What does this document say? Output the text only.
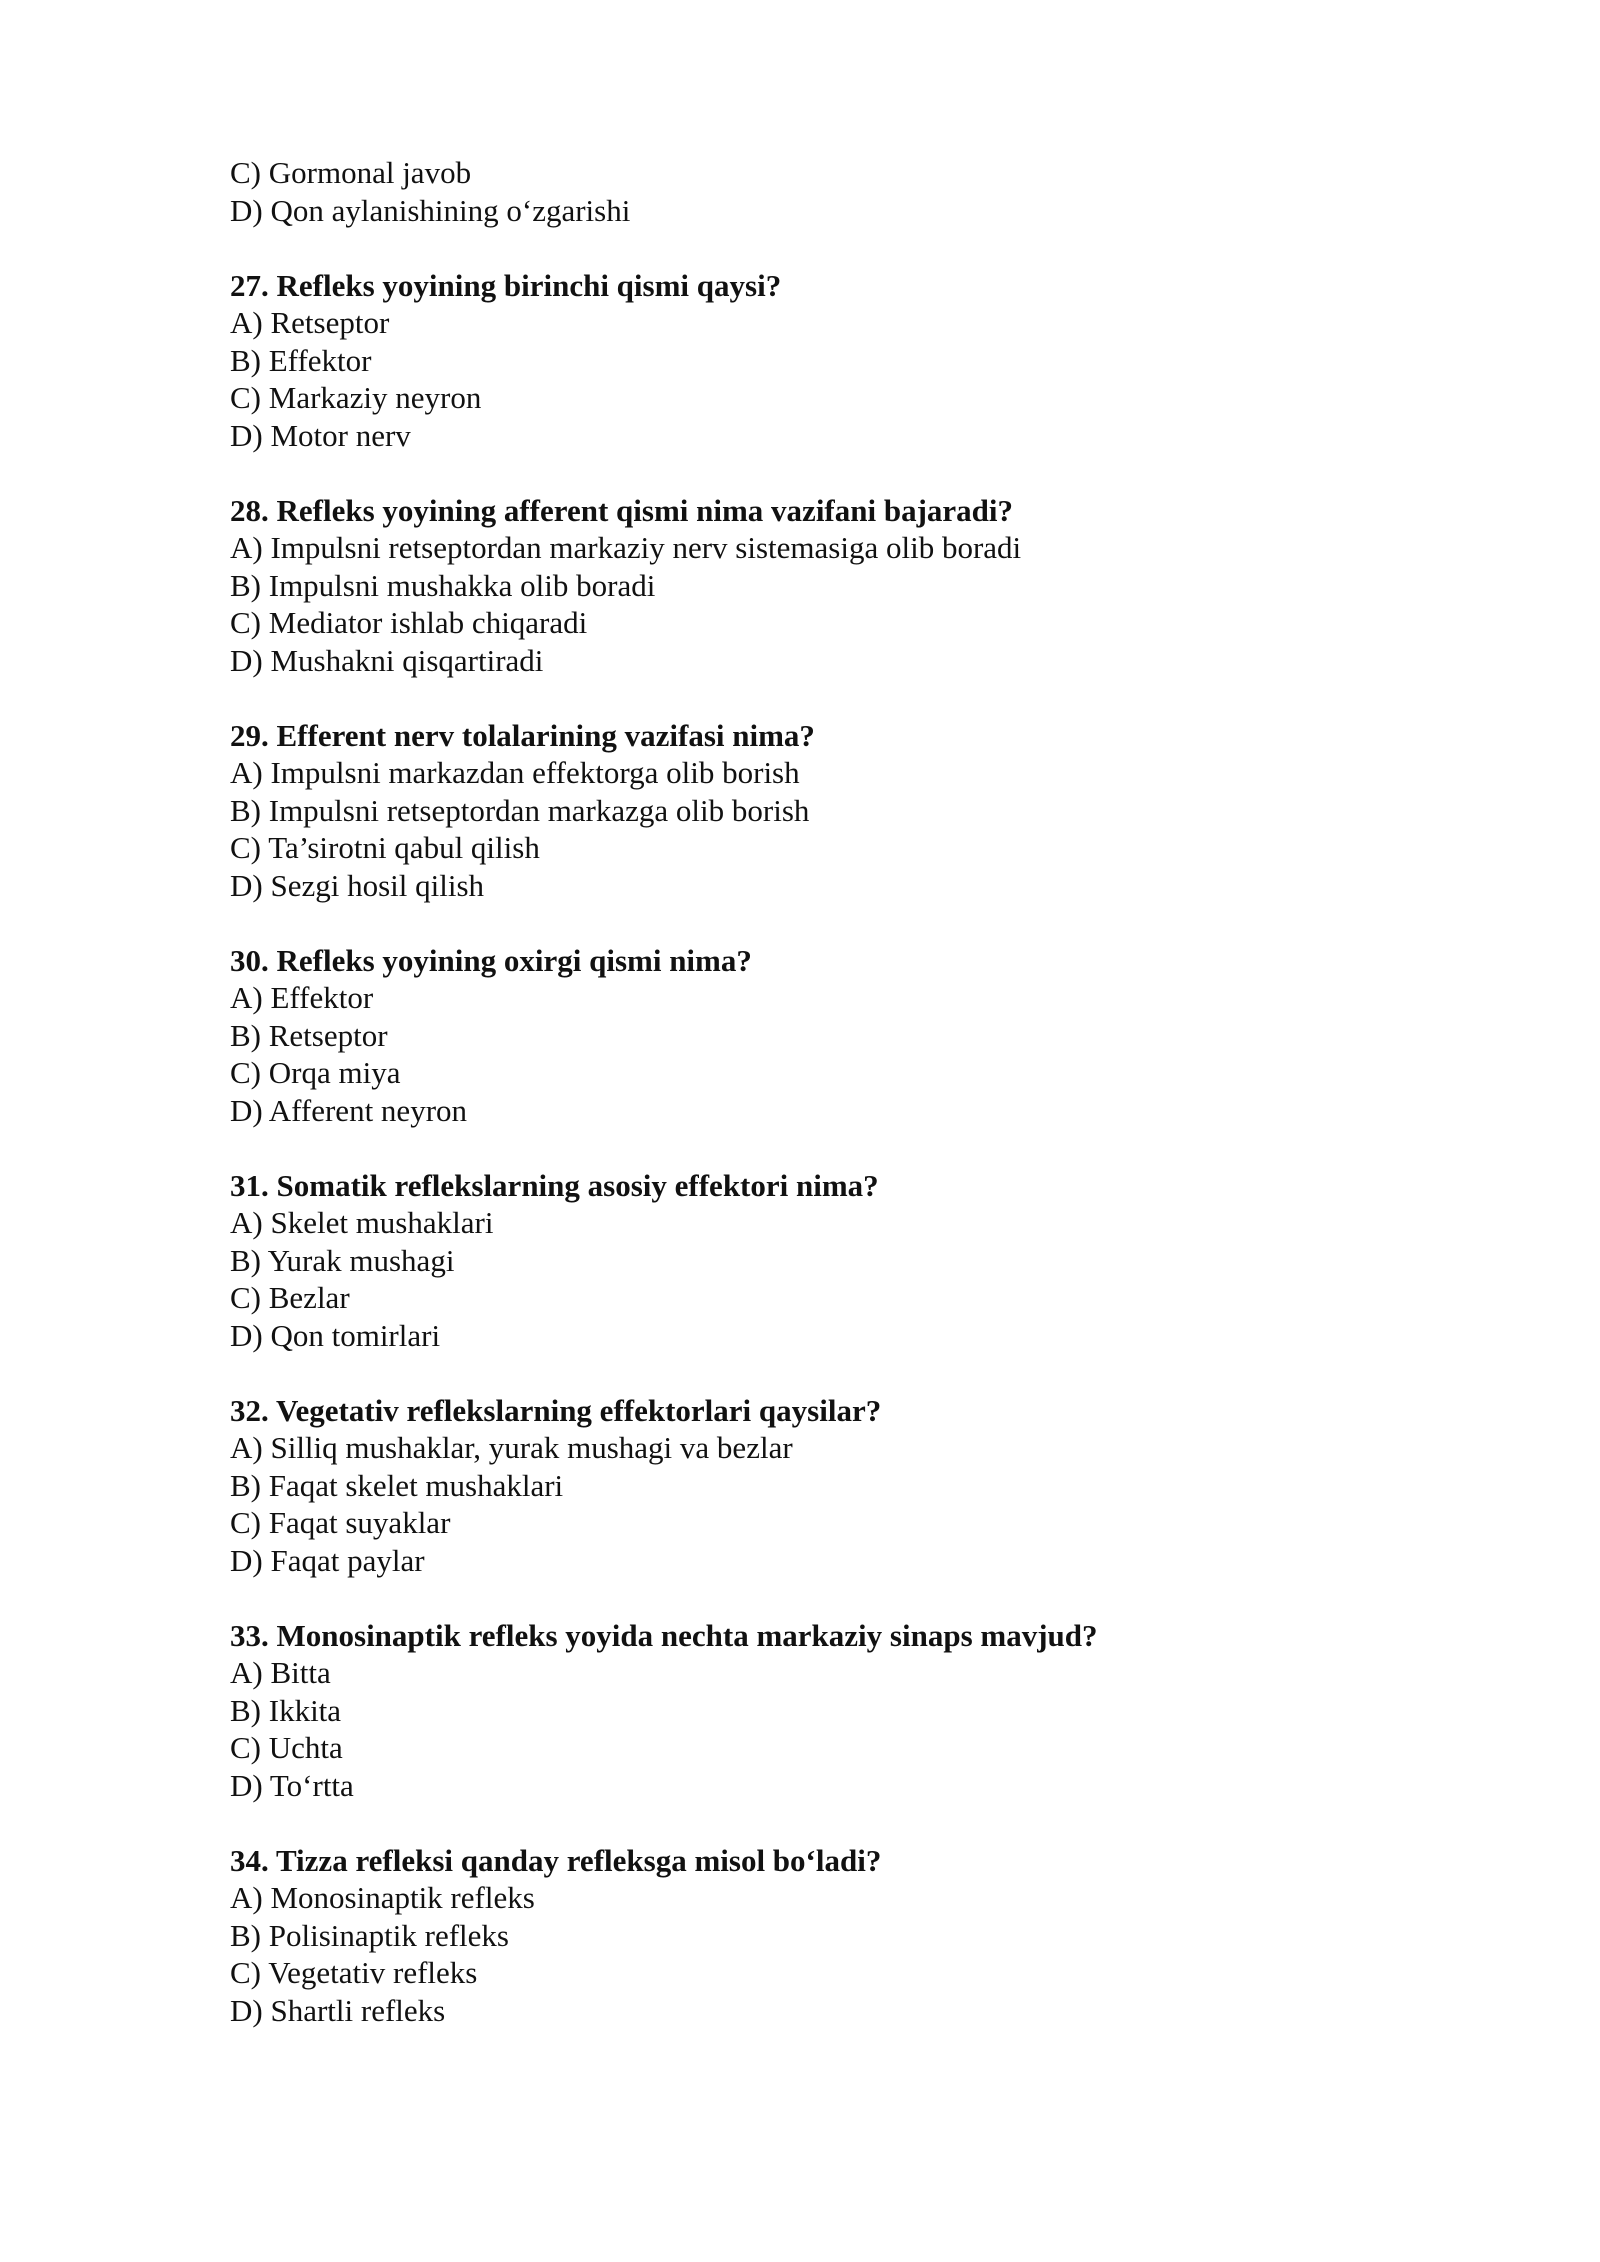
C) Gormonal javob
D) Qon aylanishining o‘zgarishi
27. Refleks yoyining birinchi qismi qaysi?
A) Retseptor
B) Effektor
C) Markaziy neyron
D) Motor nerv
28. Refleks yoyining afferent qismi nima vazifani bajaradi?
A) Impulsni retseptordan markaziy nerv sistemasiga olib boradi
B) Impulsni mushakka olib boradi
C) Mediator ishlab chiqaradi
D) Mushakni qisqartiradi
29. Efferent nerv tolalarining vazifasi nima?
A) Impulsni markazdan effektorga olib borish
B) Impulsni retseptordan markazga olib borish
C) Ta’sirotni qabul qilish
D) Sezgi hosil qilish
30. Refleks yoyining oxirgi qismi nima?
A) Effektor
B) Retseptor
C) Orqa miya
D) Afferent neyron
31. Somatik reflekslarning asosiy effektori nima?
A) Skelet mushaklari
B) Yurak mushagi
C) Bezlar
D) Qon tomirlari
32. Vegetativ reflekslarning effektorlari qaysilar?
A) Silliq mushaklar, yurak mushagi va bezlar
B) Faqat skelet mushaklari
C) Faqat suyaklar
D) Faqat paylar
33. Monosinaptik refleks yoyida nechta markaziy sinaps mavjud?
A) Bitta
B) Ikkita
C) Uchta
D) To‘rtta
34. Tizza refleksi qanday refleksga misol bo‘ladi?
A) Monosinaptik refleks
B) Polisinaptik refleks
C) Vegetativ refleks
D) Shartli refleks
